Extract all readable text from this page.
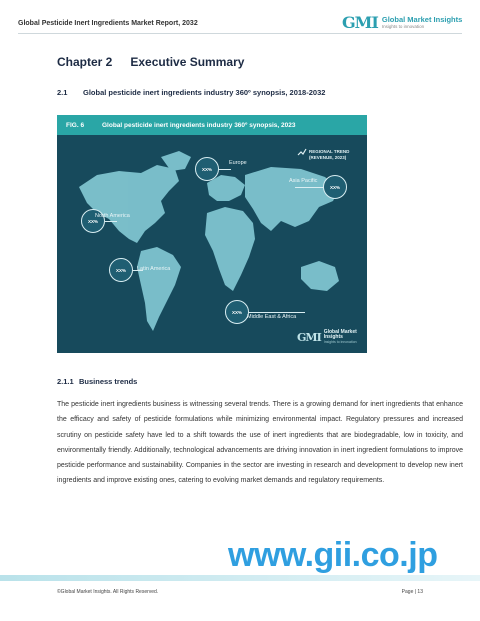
Global Pesticide Inert Ingredients Market Report, 2032	GMI Global Market Insights
Insights to innovation
Chapter 2 Executive Summary
2.1 Global pesticide inert ingredients industry 360º synopsis, 2018-2032
FIG. 6	Global pesticide inert ingredients industry 360º synopsis, 2023
REGIONAL TREND (REVENUE, 2023)
XX%
Europe
XX%
Asia Pacific
XX%
North America
XX%	Latin America
XX%
Middle East & Africa
GMI Global Market Insights
Insights to innovation
2.1.1 Business trends

The pesticide inert ingredients business is witnessing several trends. There is a growing demand for inert ingredients that enhance the efficacy and safety of pesticide formulations while minimizing environmental impact. Regulatory pressures and increased scrutiny on pesticide safety have led to a shift towards the use of inert ingredients that are biodegradable, low in toxicity, and environmentally friendly. Additionally, technological advancements are driving innovation in inert ingredient formulations to improve pesticide performance and sustainability. Companies in the sector are investing in research and development to develop new inert ingredients and improve existing ones, catering to evolving market demands and regulatory requirements.

www.gii.co.jp
©Global Market Insights. All Rights Reserved.	Page | 13
